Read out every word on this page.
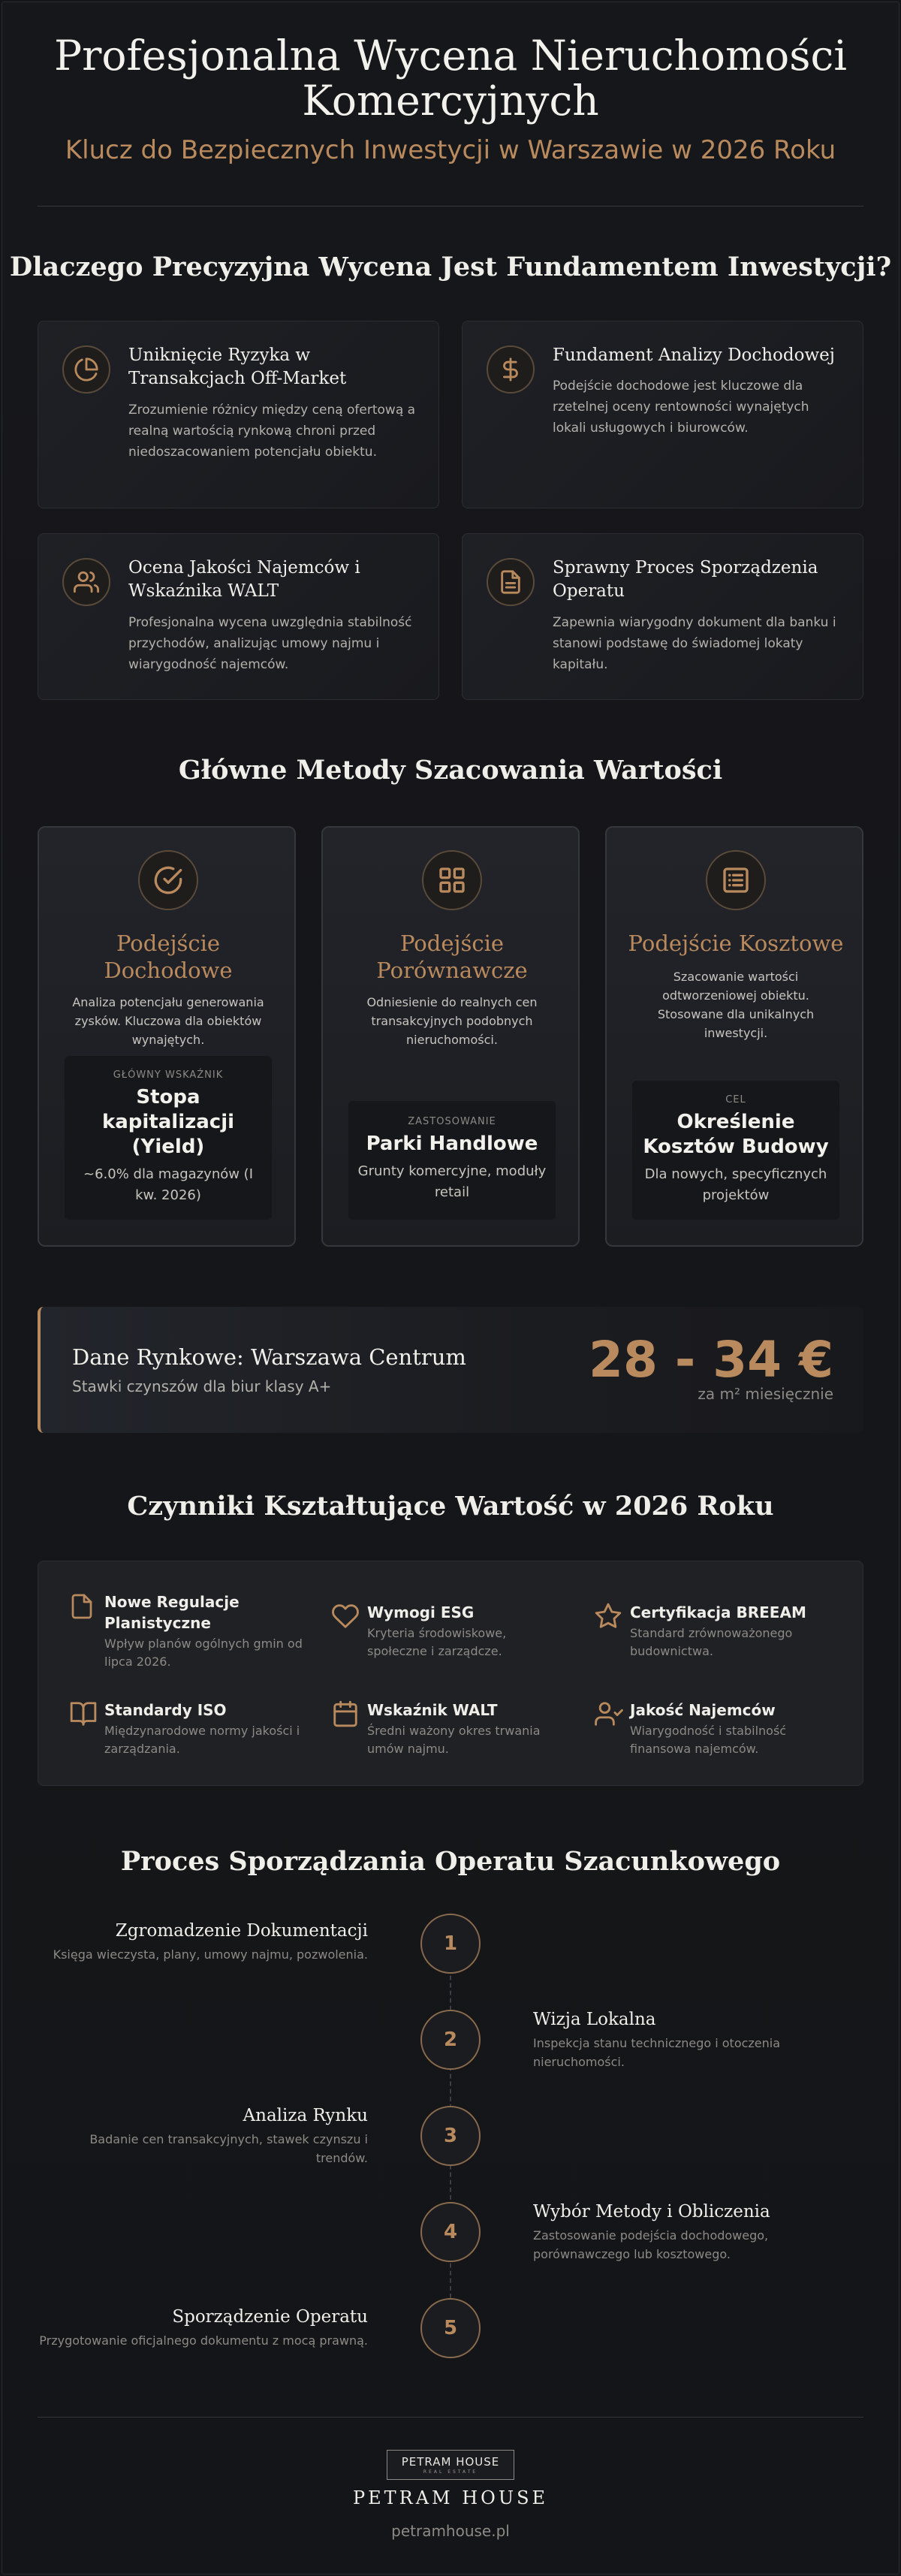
Profesjonalna Wycena Nieruchomości
Komercyjnych
Klucz do Bezpiecznych Inwestycji w Warszawie w 2026 Roku
Dlaczego Precyzyjna Wycena Jest Fundamentem Inwestycji?
Uniknięcie Ryzyka w Transakcjach Off-Market
Zrozumienie różnicy między ceną ofertową a realną wartością rynkową chroni przed niedoszacowaniem potencjału obiektu.
Fundament Analizy Dochodowej
Podejście dochodowe jest kluczowe dla rzetelnej oceny rentowności wynajętych lokali usługowych i biurowców.
Ocena Jakości Najemców i Wskaźnika WALT
Profesjonalna wycena uwzględnia stabilność przychodów, analizując umowy najmu i wiarygodność najemców.
Sprawny Proces Sporządzenia Operatu
Zapewnia wiarygodny dokument dla banku i stanowi podstawę do świadomej lokaty kapitału.
Główne Metody Szacowania Wartości
Podejście Dochodowe
Analiza potencjału generowania zysków. Kluczowa dla obiektów wynajętych.
GŁÓWNY WSKAŹNIK
Stopa kapitalizacji (Yield)
~6.0% dla magazynów (I kw. 2026)
Podejście Porównawcze
Odniesienie do realnych cen transakcyjnych podobnych nieruchomości.
ZASTOSOWANIE
Parki Handlowe
Grunty komercyjne, moduły retail
Podejście Kosztowe
Szacowanie wartości odtworzeniowej obiektu. Stosowane dla unikalnych inwestycji.
CEL
Określenie Kosztów Budowy
Dla nowych, specyficznych projektów
Dane Rynkowe: Warszawa Centrum
Stawki czynszów dla biur klasy A+	28 - 34 €
za m² miesięcznie
Czynniki Kształtujące Wartość w 2026 Roku
Nowe Regulacje Planistyczne
Wpływ planów ogólnych gmin od lipca 2026.
Wymogi ESG
Kryteria środowiskowe, społeczne i zarządcze.
Certyfikacja BREEAM
Standard zrównoważonego budownictwa.
Standardy ISO
Międzynarodowe normy jakości i zarządzania.
Wskaźnik WALT
Średni ważony okres trwania umów najmu.
Jakość Najemców
Wiarygodność i stabilność finansowa najemców.
Proces Sporządzania Operatu Szacunkowego
1
Zgromadzenie Dokumentacji
Księga wieczysta, plany, umowy najmu, pozwolenia.
2
Wizja Lokalna
Inspekcja stanu technicznego i otoczenia nieruchomości.
3
Analiza Rynku
Badanie cen transakcyjnych, stawek czynszu i trendów.
4
Wybór Metody i Obliczenia
Zastosowanie podejścia dochodowego, porównawczego lub kosztowego.
5
Sporządzenie Operatu
Przygotowanie oficjalnego dokumentu z mocą prawną.
PETRAM HOUSE
REAL ESTATE
PETRAM HOUSE
petramhouse.pl
